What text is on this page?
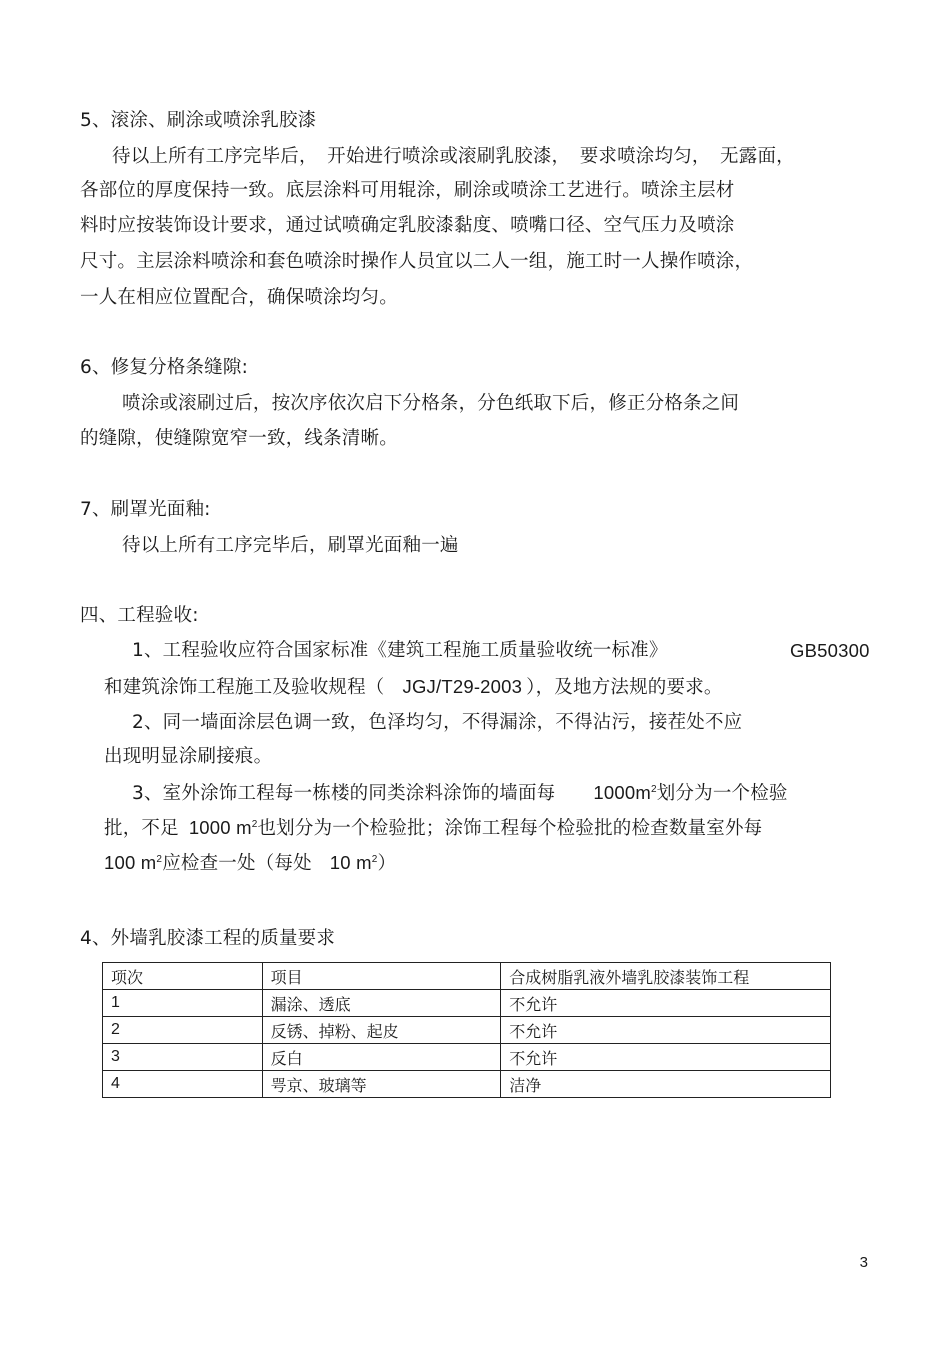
5、滚涂、刷涂或喷涂乳胶漆
待以上所有工序完毕后，　开始进行喷涂或滚刷乳胶漆，　要求喷涂均匀，　无露面，
各部位的厚度保持一致。底层涂料可用辊涂，刷涂或喷涂工艺进行。喷涂主层材
料时应按装饰设计要求，通过试喷确定乳胶漆黏度、喷嘴口径、空气压力及喷涂
尺寸。主层涂料喷涂和套色喷涂时操作人员宜以二人一组，施工时一人操作喷涂，
一人在相应位置配合，确保喷涂均匀。
6、修复分格条缝隙:
喷涂或滚刷过后，按次序依次启下分格条，分色纸取下后，修正分格条之间
的缝隙，使缝隙宽窄一致，线条清晰。
7、刷罩光面釉:
待以上所有工序完毕后，刷罩光面釉一遍
四、工程验收:
1、工程验收应符合国家标准《建筑工程施工质量验收统一标准》	GB50300
和建筑涂饰工程施工及验收规程（ JGJ/T29-2003 ），及地方法规的要求。
2、同一墙面涂层色调一致，色泽均匀，不得漏涂，不得沾污，接茬处不应
出现明显涂刷接痕。
3、室外涂饰工程每一栋楼的同类涂料涂饰的墙面每 $1000m^2$划分为一个检验
批，不足 1000 $m^2$也划分为一个检验批；涂饰工程每个检验批的检查数量室外每
100 $m^2$应检查一处（每处 10 $m^2$）
4、外墙乳胶漆工程的质量要求
项次	项目	合成树脂乳液外墙乳胶漆装饰工程
1	漏涂、透底	不允许
2	反锈、掉粉、起皮	不允许
3	反白	不允许
4	咢京、玻璃等	洁净
3
